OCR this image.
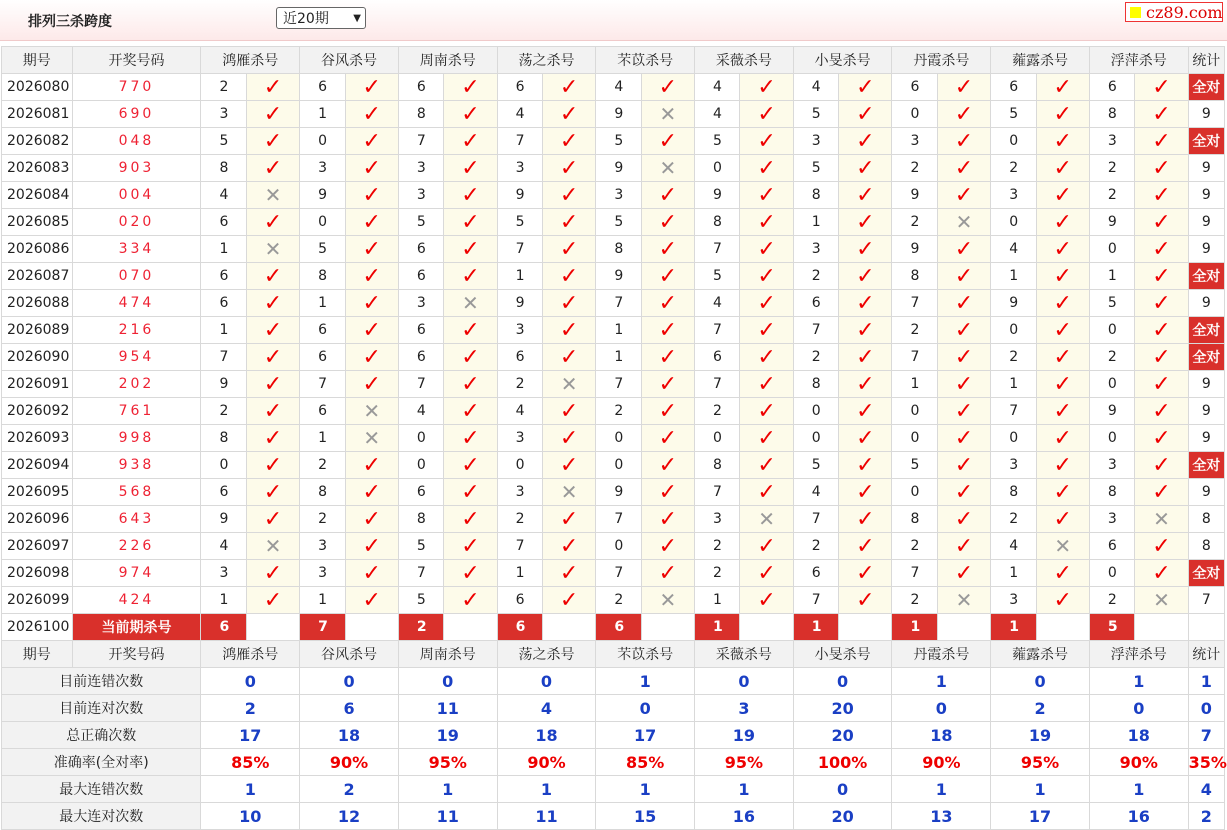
排列三杀跨度	近20期 ▼	cz89.com
期号	开奖号码	鸿雁杀号		谷风杀号		周南杀号		荡之杀号		芣苡杀号		采薇杀号		小旻杀号		丹霞杀号		蕹露杀号		浮萍杀号		统计
2026080	770	2	✓	6	✓	6	✓	6	✓	4	✓	4	✓	4	✓	6	✓	6	✓	6	✓	全对
2026081	690	3	✓	1	✓	8	✓	4	✓	9	✕	4	✓	5	✓	0	✓	5	✓	8	✓	9
2026082	048	5	✓	0	✓	7	✓	7	✓	5	✓	5	✓	3	✓	3	✓	0	✓	3	✓	全对
2026083	903	8	✓	3	✓	3	✓	3	✓	9	✕	0	✓	5	✓	2	✓	2	✓	2	✓	9
2026084	004	4	✕	9	✓	3	✓	9	✓	3	✓	9	✓	8	✓	9	✓	3	✓	2	✓	9
2026085	020	6	✓	0	✓	5	✓	5	✓	5	✓	8	✓	1	✓	2	✕	0	✓	9	✓	9
2026086	334	1	✕	5	✓	6	✓	7	✓	8	✓	7	✓	3	✓	9	✓	4	✓	0	✓	9
2026087	070	6	✓	8	✓	6	✓	1	✓	9	✓	5	✓	2	✓	8	✓	1	✓	1	✓	全对
2026088	474	6	✓	1	✓	3	✕	9	✓	7	✓	4	✓	6	✓	7	✓	9	✓	5	✓	9
2026089	216	1	✓	6	✓	6	✓	3	✓	1	✓	7	✓	7	✓	2	✓	0	✓	0	✓	全对
2026090	954	7	✓	6	✓	6	✓	6	✓	1	✓	6	✓	2	✓	7	✓	2	✓	2	✓	全对
2026091	202	9	✓	7	✓	7	✓	2	✕	7	✓	7	✓	8	✓	1	✓	1	✓	0	✓	9
2026092	761	2	✓	6	✕	4	✓	4	✓	2	✓	2	✓	0	✓	0	✓	7	✓	9	✓	9
2026093	998	8	✓	1	✕	0	✓	3	✓	0	✓	0	✓	0	✓	0	✓	0	✓	0	✓	9
2026094	938	0	✓	2	✓	0	✓	0	✓	0	✓	8	✓	5	✓	5	✓	3	✓	3	✓	全对
2026095	568	6	✓	8	✓	6	✓	3	✕	9	✓	7	✓	4	✓	0	✓	8	✓	8	✓	9
2026096	643	9	✓	2	✓	8	✓	2	✓	7	✓	3	✕	7	✓	8	✓	2	✓	3	✕	8
2026097	226	4	✕	3	✓	5	✓	7	✓	0	✓	2	✓	2	✓	2	✓	4	✕	6	✓	8
2026098	974	3	✓	3	✓	7	✓	1	✓	7	✓	2	✓	6	✓	7	✓	1	✓	0	✓	全对
2026099	424	1	✓	1	✓	5	✓	6	✓	2	✕	1	✓	7	✓	2	✕	3	✓	2	✕	7
2026100	当前期杀号	6		7		2		6		6		1		1		1		1		5		
期号	开奖号码	鸿雁杀号		谷风杀号		周南杀号		荡之杀号		芣苡杀号		采薇杀号		小旻杀号		丹霞杀号		蕹露杀号		浮萍杀号		统计
目前连错次数		0		0		0		0		1		0		0		1		0		1		1
目前连对次数		2		6		11		4		0		3		20		0		2		0		0
总正确次数		17		18		19		18		17		19		20		18		19		18		7
准确率(全对率)		85%		90%		95%		90%		85%		95%		100%		90%		95%		90%		35%
最大连错次数		1		2		1		1		1		1		0		1		1		1		4
最大连对次数		10		12		11		11		15		16		20		13		17		16		2
